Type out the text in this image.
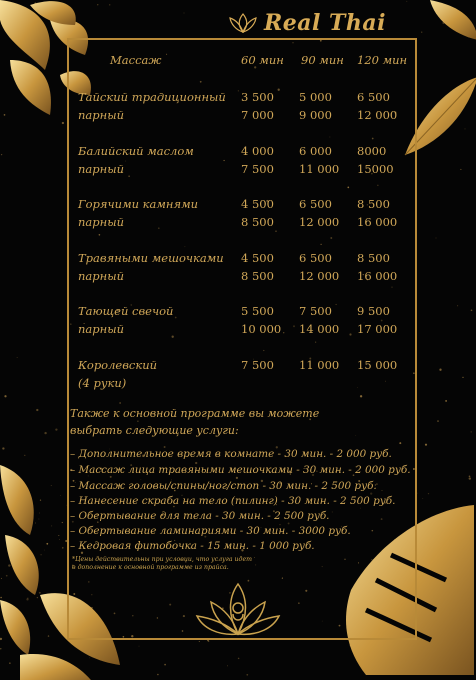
Real Thai
Массаж	60 мин 90 мин 120 мин
Тайский традиционный
парный
3 500 5 000 6 500
7 000 9 000 12 000
Балийский маслом
парный
4 000 6 000 8000
7 500 11 000 15000
Горячими камнями
парный
4 500 6 500 8 500
8 500 12 000 16 000
Травяными мешочками
парный
4 500 6 500 8 500
8 500 12 000 16 000
Тающей свечой
парный
5 500 7 500 9 500
10 000 14 000 17 000
Королевский
(4 руки)
7 500 11 000 15 000
Также к основной программе вы можете
выбрать следующие услуги:
– Дополнительное время в комнате - 30 мин. - 2 000 руб.
– Массаж лица травяными мешочками - 30 мин. - 2 000 руб.
– Массаж головы/спины/ног/стоп - 30 мин. - 2 500 руб.
– Нанесение скраба на тело (пилинг) - 30 мин. - 2 500 руб.
– Обертывание для тела - 30 мин. - 2 500 руб.
– Обертывание ламинариями - 30 мин. - 3000 руб.
– Кедровая фитобочка - 15 мин. - 1 000 руб.
*Цены действительны при условии, что услуга идет
в дополнение к основной программе из прайса.
